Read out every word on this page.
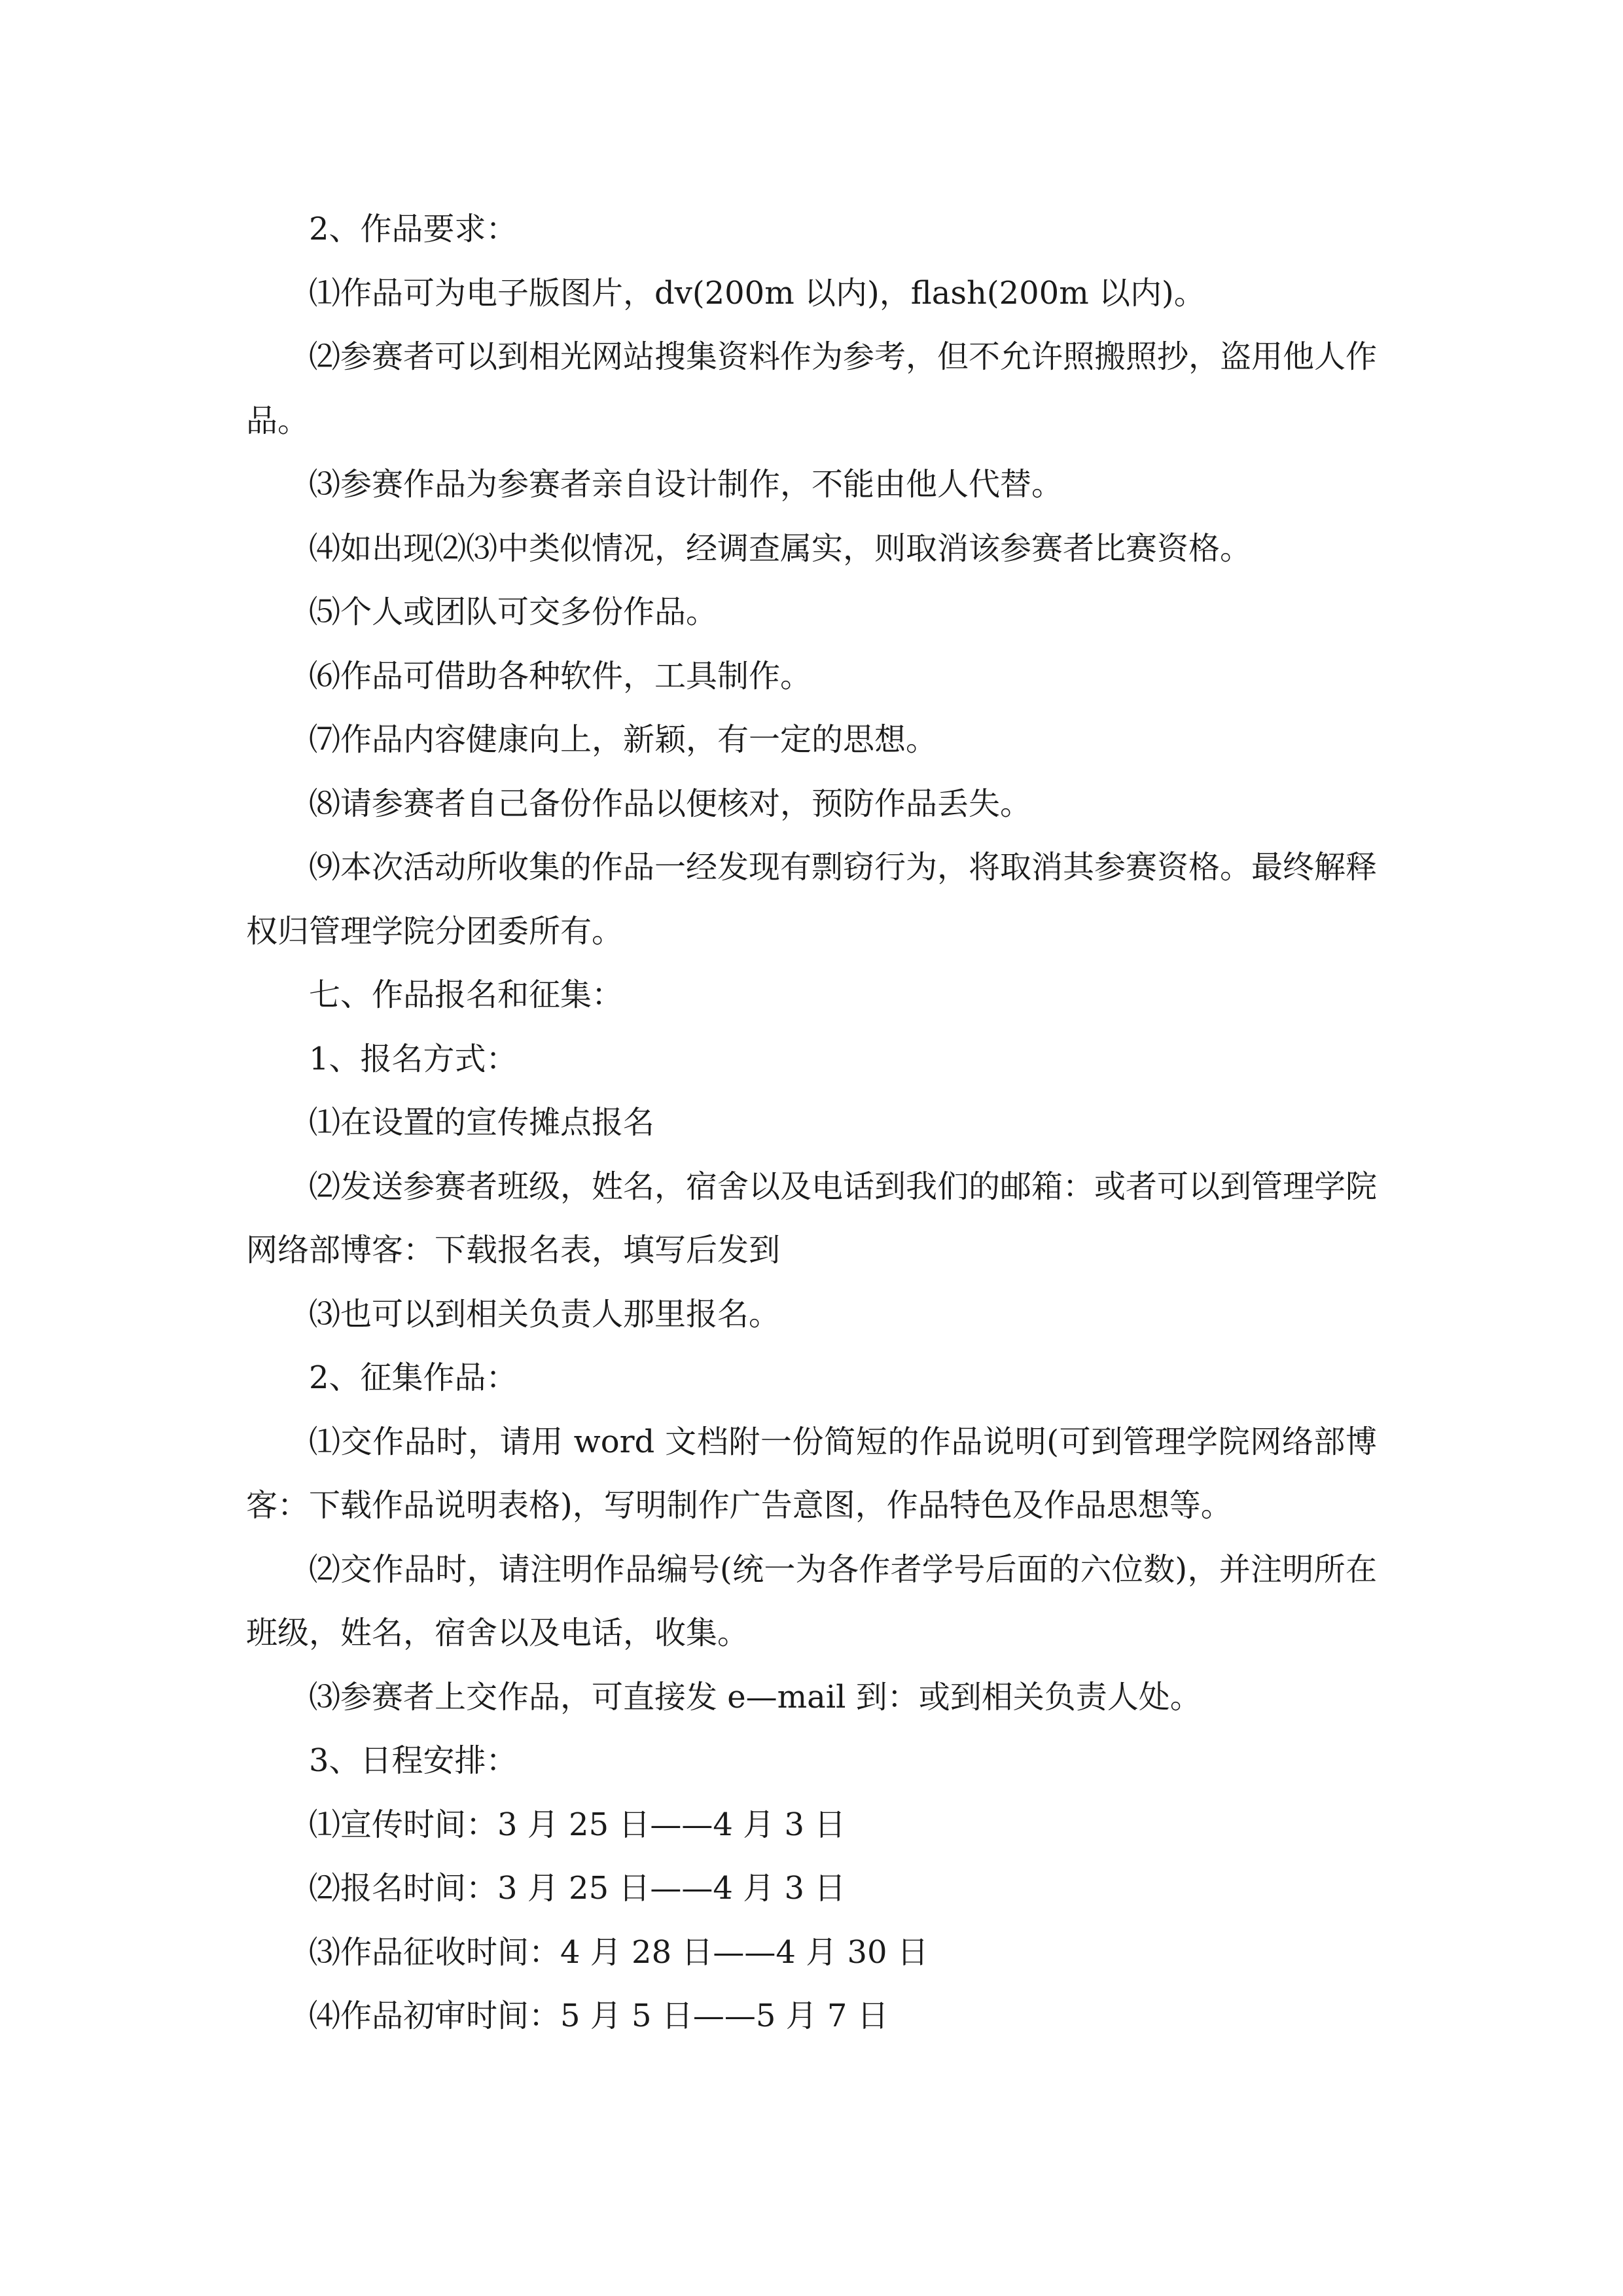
2、作品要求：

⑴作品可为电子版图片，dv(200m 以内)，flash(200m 以内)。

⑵参赛者可以到相光网站搜集资料作为参考，但不允许照搬照抄，盗用他人作品。

⑶参赛作品为参赛者亲自设计制作，不能由他人代替。

⑷如出现⑵⑶中类似情况，经调查属实，则取消该参赛者比赛资格。

⑸个人或团队可交多份作品。

⑹作品可借助各种软件，工具制作。

⑺作品内容健康向上，新颖，有一定的思想。

⑻请参赛者自己备份作品以便核对，预防作品丢失。

⑼本次活动所收集的作品一经发现有剽窃行为，将取消其参赛资格。最终解释权归管理学院分团委所有。

七、作品报名和征集：

1、报名方式：

⑴在设置的宣传摊点报名

⑵发送参赛者班级，姓名，宿舍以及电话到我们的邮箱：或者可以到管理学院网络部博客：下载报名表，填写后发到

⑶也可以到相关负责人那里报名。

2、征集作品：

⑴交作品时，请用 word 文档附一份简短的作品说明(可到管理学院网络部博客：下载作品说明表格)，写明制作广告意图，作品特色及作品思想等。

⑵交作品时，请注明作品编号(统一为各作者学号后面的六位数)，并注明所在班级，姓名，宿舍以及电话，收集。

⑶参赛者上交作品，可直接发 e—mail 到：或到相关负责人处。

3、日程安排：

⑴宣传时间：3 月 25 日——4 月 3 日

⑵报名时间：3 月 25 日——4 月 3 日

⑶作品征收时间：4 月 28 日——4 月 30 日

⑷作品初审时间：5 月 5 日——5 月 7 日
